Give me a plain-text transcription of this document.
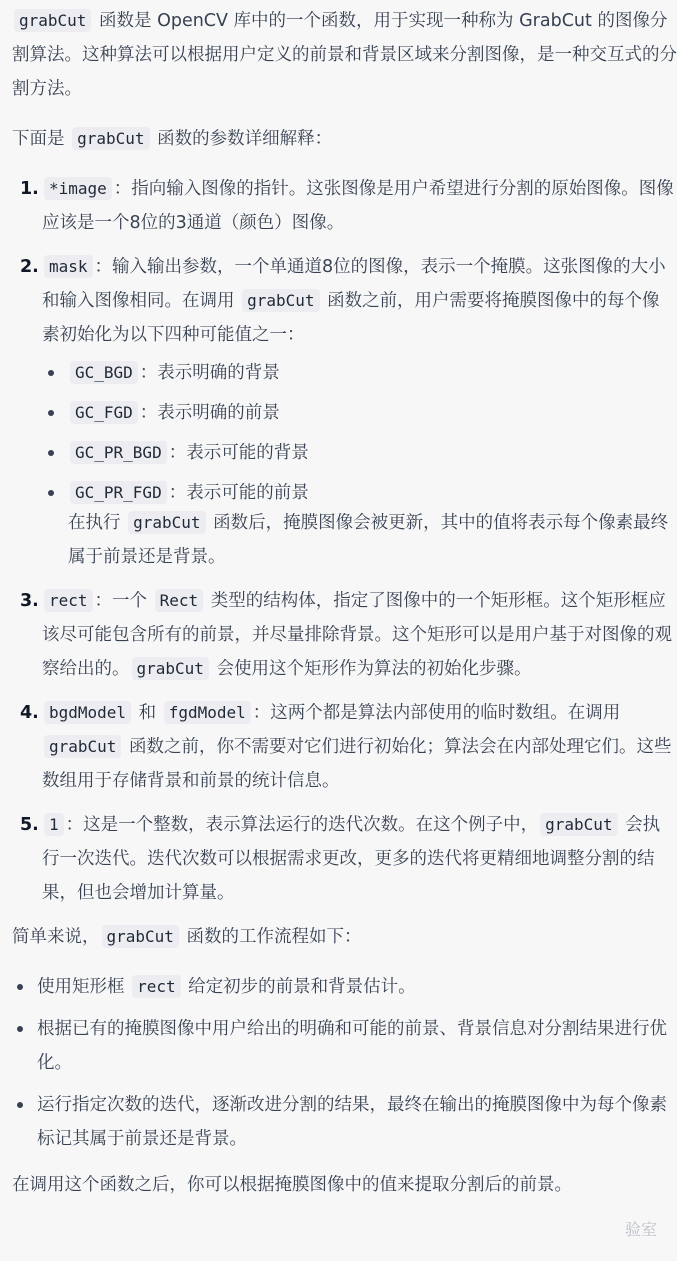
grabCut 函数是 OpenCV 库中的一个函数，用于实现一种称为 GrabCut 的图像分割算法。这种算法可以根据用户定义的前景和背景区域来分割图像，是一种交互式的分割方法。

下面是 grabCut 函数的参数详细解释：

1. *image ：指向输入图像的指针。这张图像是用户希望进行分割的原始图像。图像应该是一个8位的3通道（颜色）图像。
2. mask ：输入输出参数，一个单通道8位的图像，表示一个掩膜。这张图像的大小和输入图像相同。在调用 grabCut 函数之前，用户需要将掩膜图像中的每个像素初始化为以下四种可能值之一：
GC_BGD ：表示明确的背景
GC_FGD ：表示明确的前景
GC_PR_BGD ：表示可能的背景
GC_PR_FGD ：表示可能的前景

在执行 grabCut 函数后，掩膜图像会被更新，其中的值将表示每个像素最终属于前景还是背景。

3. rect ：一个 Rect 类型的结构体，指定了图像中的一个矩形框。这个矩形框应该尽可能包含所有的前景，并尽量排除背景。这个矩形可以是用户基于对图像的观察给出的。 grabCut 会使用这个矩形作为算法的初始化步骤。
4. bgdModel 和 fgdModel ：这两个都是算法内部使用的临时数组。在调用 grabCut 函数之前，你不需要对它们进行初始化；算法会在内部处理它们。这些数组用于存储背景和前景的统计信息。
5. 1 ：这是一个整数，表示算法运行的迭代次数。在这个例子中， grabCut 会执行一次迭代。迭代次数可以根据需求更改，更多的迭代将更精细地调整分割的结果，但也会增加计算量。

简单来说， grabCut 函数的工作流程如下：

使用矩形框 rect 给定初步的前景和背景估计。
根据已有的掩膜图像中用户给出的明确和可能的前景、背景信息对分割结果进行优化。
运行指定次数的迭代，逐渐改进分割的结果，最终在输出的掩膜图像中为每个像素标记其属于前景还是背景。

在调用这个函数之后，你可以根据掩膜图像中的值来提取分割后的前景。

验室
